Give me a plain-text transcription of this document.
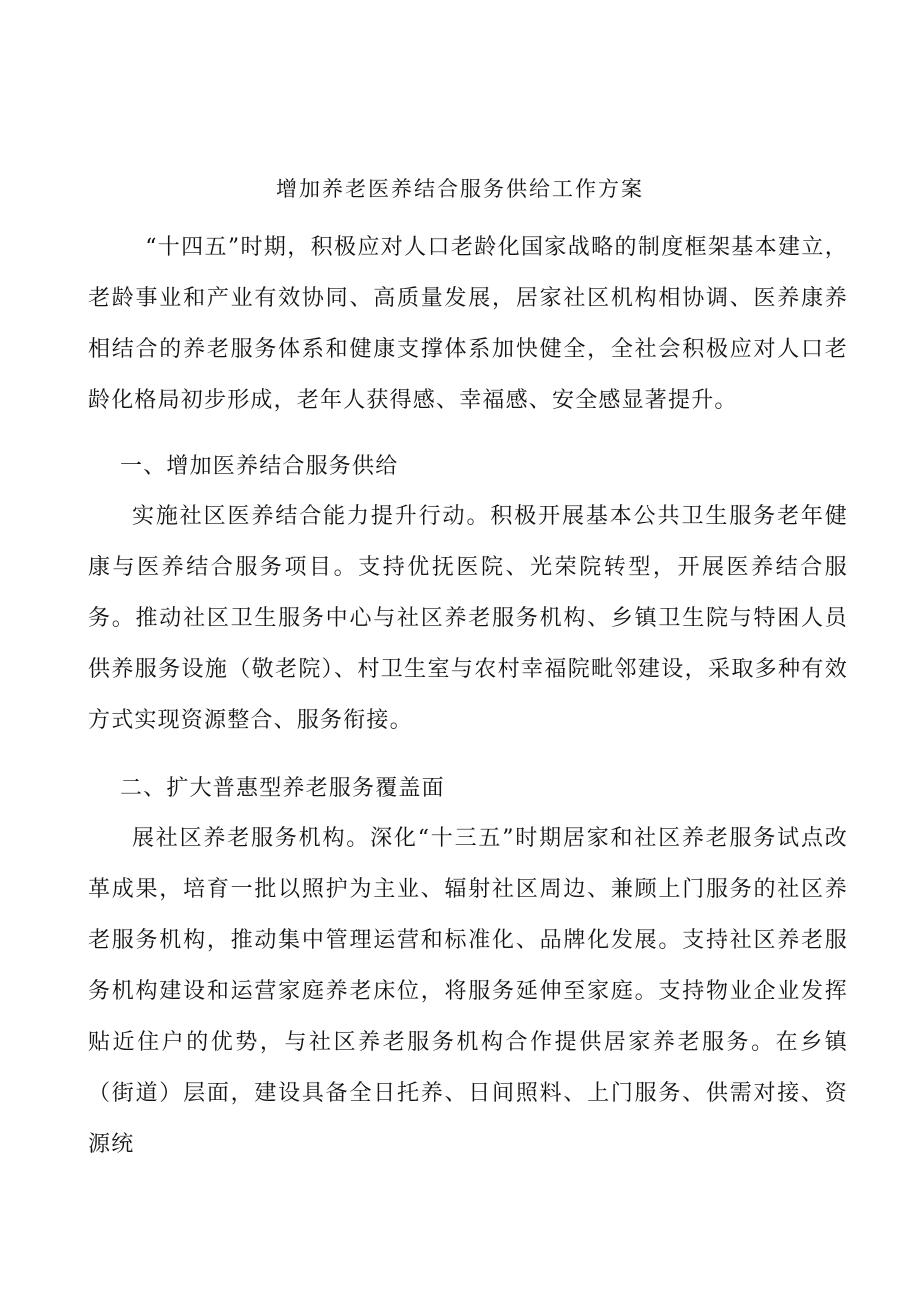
增加养老医养结合服务供给工作方案

“十四五”时期，积极应对人口老龄化国家战略的制度框架基本建立，老龄事业和产业有效协同、高质量发展，居家社区机构相协调、医养康养相结合的养老服务体系和健康支撑体系加快健全，全社会积极应对人口老龄化格局初步形成，老年人获得感、幸福感、安全感显著提升。

一、增加医养结合服务供给

实施社区医养结合能力提升行动。积极开展基本公共卫生服务老年健康与医养结合服务项目。支持优抚医院、光荣院转型，开展医养结合服务。推动社区卫生服务中心与社区养老服务机构、乡镇卫生院与特困人员供养服务设施（敬老院）、村卫生室与农村幸福院毗邻建设，采取多种有效方式实现资源整合、服务衔接。

二、扩大普惠型养老服务覆盖面

展社区养老服务机构。深化“十三五”时期居家和社区养老服务试点改革成果，培育一批以照护为主业、辐射社区周边、兼顾上门服务的社区养老服务机构，推动集中管理运营和标准化、品牌化发展。支持社区养老服务机构建设和运营家庭养老床位，将服务延伸至家庭。支持物业企业发挥贴近住户的优势，与社区养老服务机构合作提供居家养老服务。在乡镇（街道）层面，建设具备全日托养、日间照料、上门服务、供需对接、资源统
